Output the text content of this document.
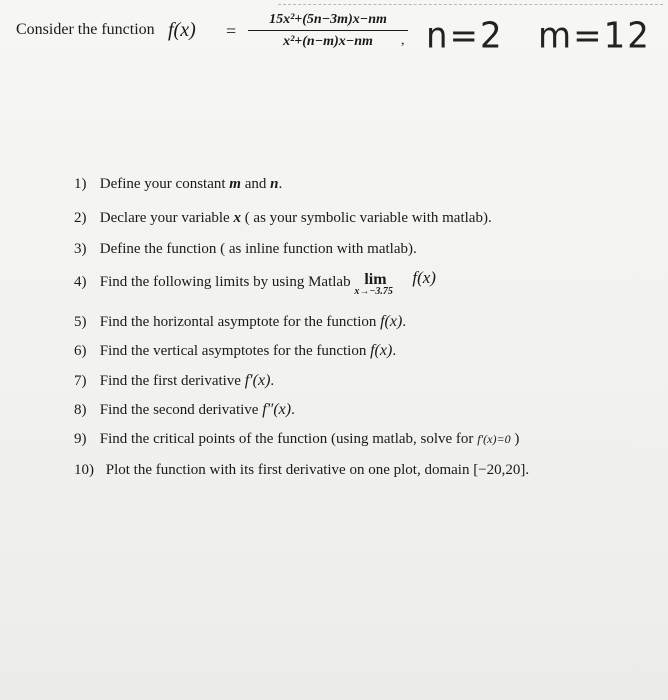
Consider the function $f(x) = \frac{\text{15x²+(5n−3m)x−nm}}{\text{x²+(n−m)x−nm}}$
, n=2 m=12
1) Define your constant m and n.
2) Declare your variable x ( as your symbolic variable with matlab).
3) Define the function ( as inline function with matlab).
4) Find the following limits by using Matlab lim
x→−3.75
f(x)
5) Find the horizontal asymptote for the function f(x).
6) Find the vertical asymptotes for the function f(x).
7) Find the first derivative f′(x).
8) Find the second derivative f″(x).
9) Find the critical points of the function (using matlab, solve for f′(x)=0 )
10) Plot the function with its first derivative on one plot, domain [−20,20].
